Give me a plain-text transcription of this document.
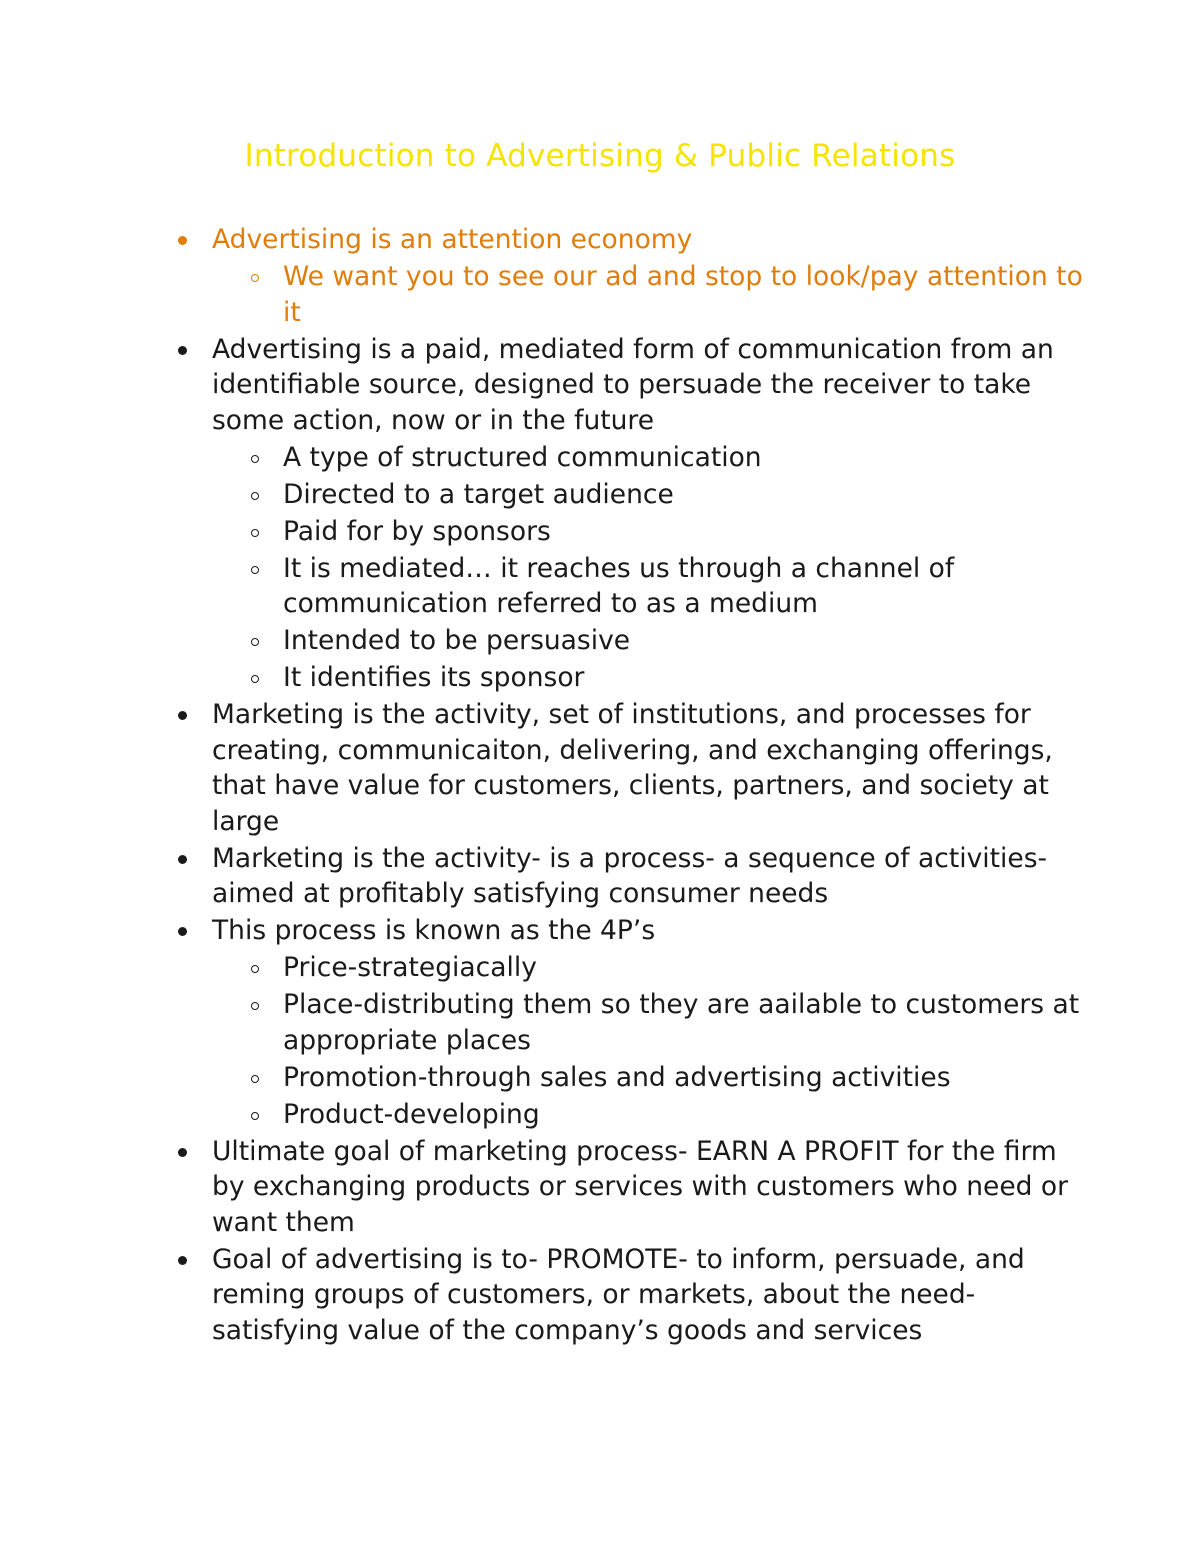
Introduction to Advertising & Public Relations
Advertising is an attention economy
We want you to see our ad and stop to look/pay attention to it
Advertising is a paid, mediated form of communication from an identifiable source, designed to persuade the receiver to take some action, now or in the future
A type of structured communication
Directed to a target audience
Paid for by sponsors
It is mediated… it reaches us through a channel of communication referred to as a medium
Intended to be persuasive
It identifies its sponsor
Marketing is the activity, set of institutions, and processes for creating, communicaiton, delivering, and exchanging offerings, that have value for customers, clients, partners, and society at large
Marketing is the activity- is a process- a sequence of activities- aimed at profitably satisfying consumer needs
This process is known as the 4P’s
Price-strategiacally
Place-distributing them so they are aailable to customers at appropriate places
Promotion-through sales and advertising activities
Product-developing
Ultimate goal of marketing process- EARN A PROFIT for the firm by exchanging products or services with customers who need or want them
Goal of advertising is to- PROMOTE- to inform, persuade, and reming groups of customers, or markets, about the need-satisfying value of the company’s goods and services
